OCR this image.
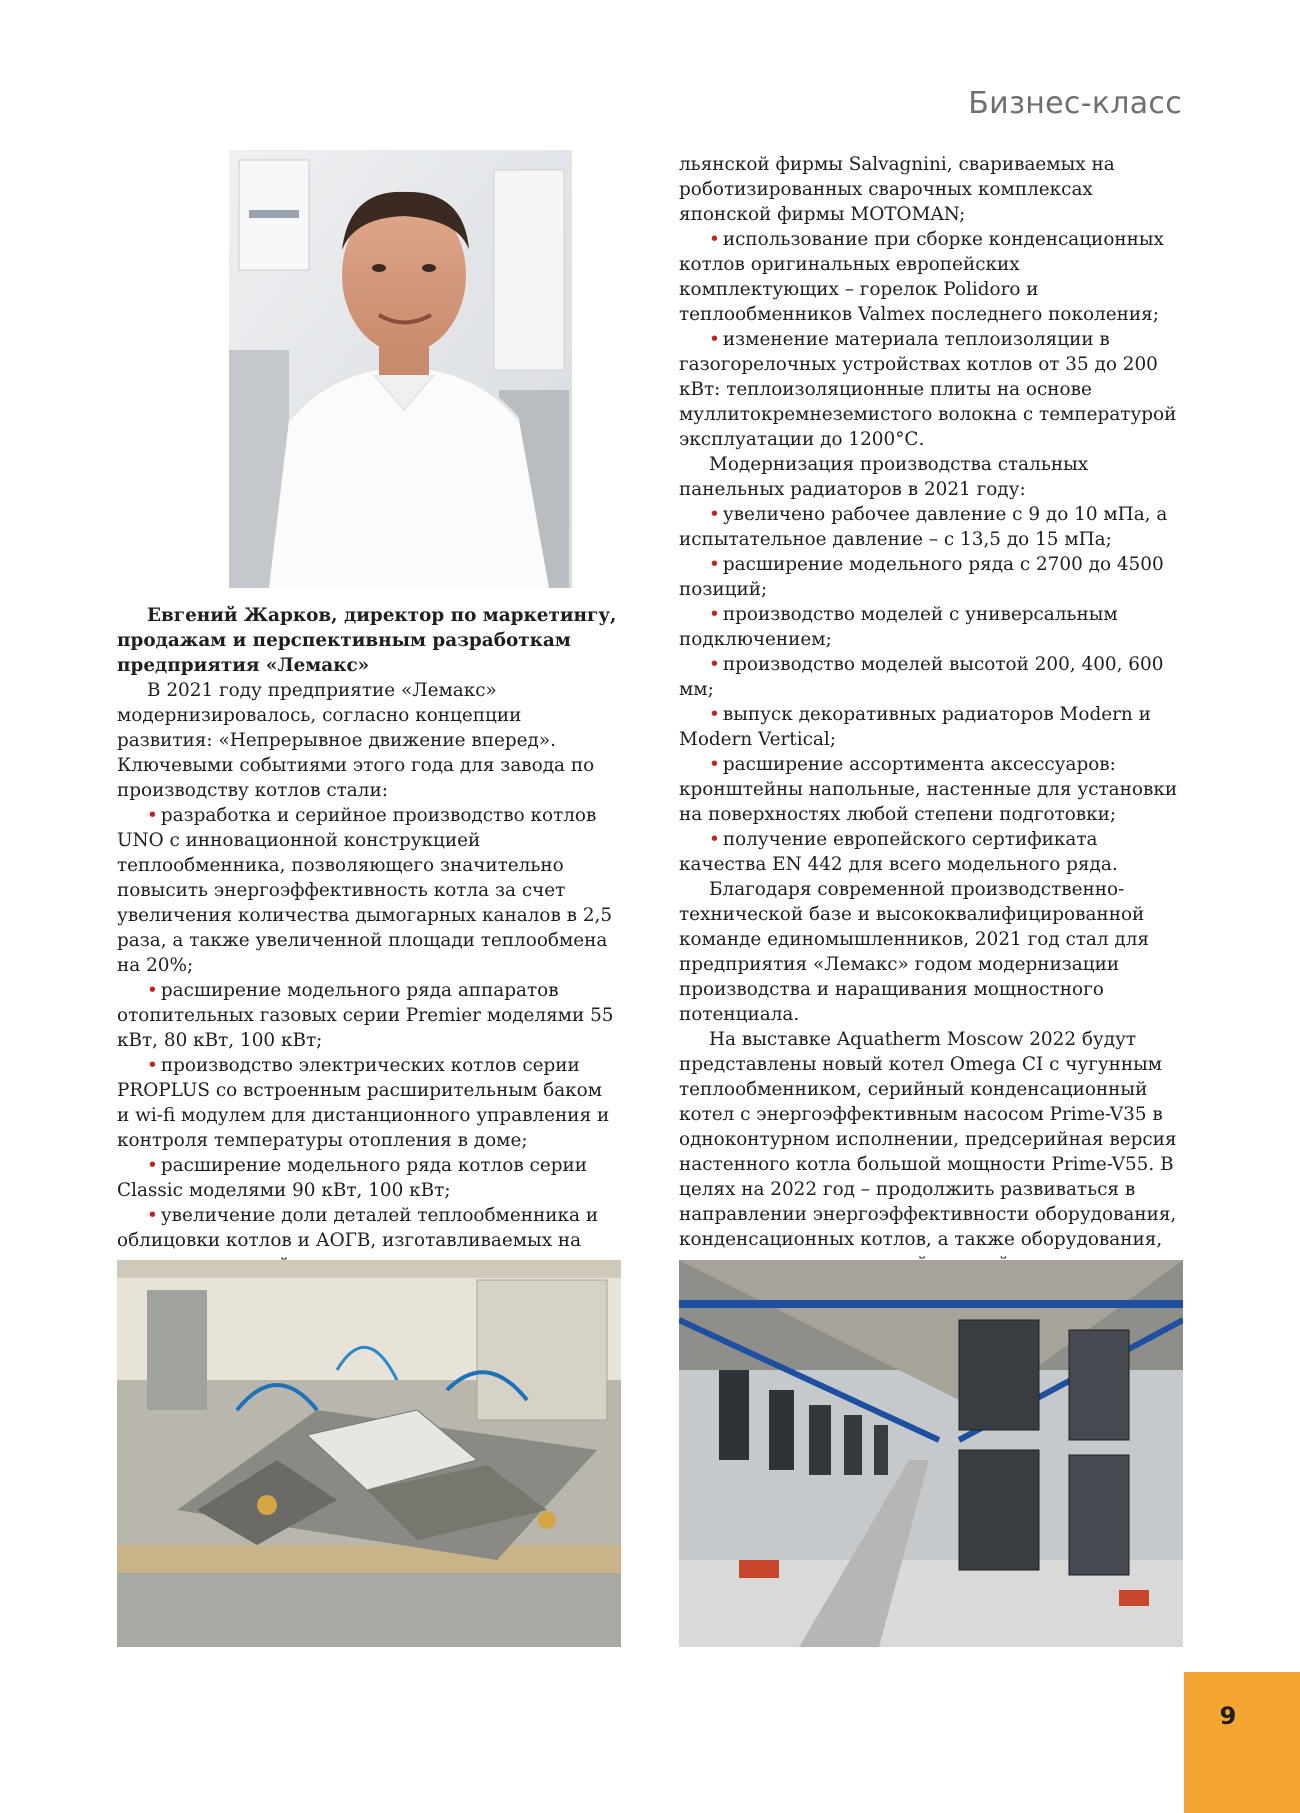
Бизнес-класс

Евгений Жарков, директор по маркетингу, продажам и перспективным разработкам предприятия «Лемакс»

В 2021 году предприятие «Лемакс» модернизировалось, согласно концепции развития: «Непрерывное движение вперед». Ключевыми событиями этого года для завода по производству котлов стали:

• разработка и серийное производство котлов UNO с инновационной конструкцией теплообменника, позволяющего значительно повысить энергоэффективность котла за счет увеличения количества дымогарных каналов в 2,5 раза, а также увеличенной площади теплообмена на 20%;

• расширение модельного ряда аппаратов отопительных газовых серии Premier моделями 55 кВт, 80 кВт, 100 кВт;

• производство электрических котлов серии PROPLUS со встроенным расширительным баком и wi-fi модулем для дистанционного управления и контроля температуры отопления в доме;

• расширение модельного ряда котлов серии Classic моделями 90 кВт, 100 кВт;

• увеличение доли деталей теплообменника и облицовки котлов и АОГВ, изготавливаемых на

льянской фирмы Salvagnini, свариваемых на роботизированных сварочных комплексах японской фирмы MOTOMAN;

• использование при сборке конденсационных котлов оригинальных европейских комплектующих – горелок Polidoro и теплообменников Valmex последнего поколения;

• изменение материала теплоизоляции в газогорелочных устройствах котлов от 35 до 200 кВт: теплоизоляционные плиты на основе муллитокремнеземистого волокна с температурой эксплуатации до 1200°С.

Модернизация производства стальных панельных радиаторов в 2021 году:

• увеличено рабочее давление с 9 до 10 мПа, а испытательное давление – с 13,5 до 15 мПа;

• расширение модельного ряда с 2700 до 4500 позиций;

• производство моделей с универсальным подключением;

• производство моделей высотой 200, 400, 600 мм;

• выпуск декоративных радиаторов Modern и Modern Vertical;

• расширение ассортимента аксессуаров: кронштейны напольные, настенные для установки на поверхностях любой степени подготовки;

• получение европейского сертификата качества EN 442 для всего модельного ряда.

Благодаря современной производственно-технической базе и высококвалифицированной команде единомышленников, 2021 год стал для предприятия «Лемакс» годом модернизации производства и наращивания мощностного потенциала.

На выставке Aquatherm Moscow 2022 будут представлены новый котел Omega CI с чугунным теплообменником, серийный конденсационный котел с энергоэффективным насосом Prime-V35 в одноконтурном исполнении, предсерийная версия настенного котла большой мощности Prime-V55. В целях на 2022 год – продолжить развиваться в направлении энергоэффективности оборудования, конденсационных котлов, а также оборудования,

9
